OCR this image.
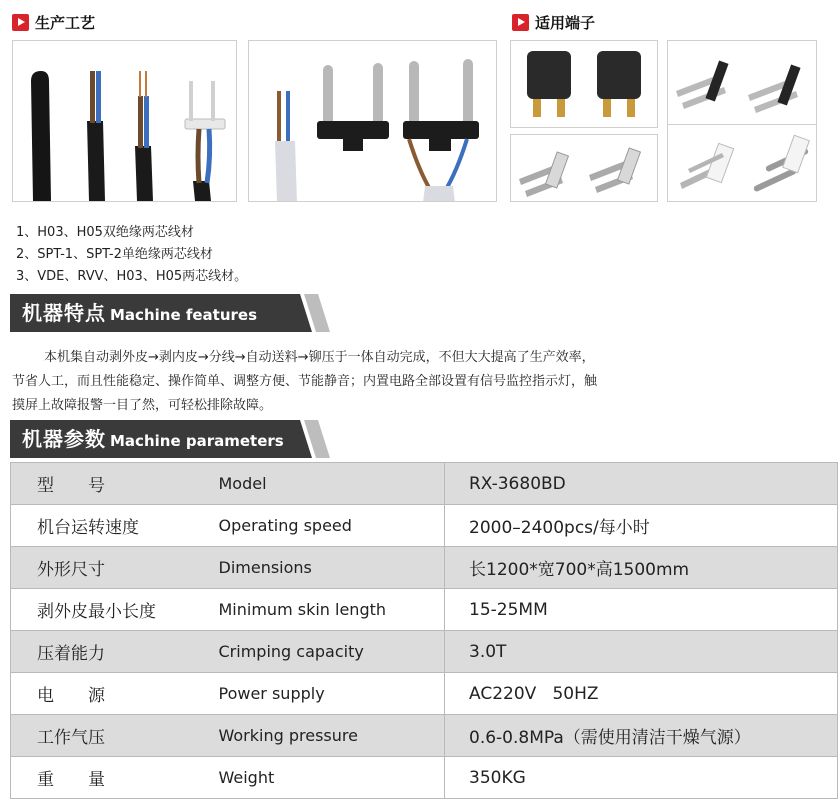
生产工艺	适用端子
1、H03、H05双绝缘两芯线材
2、SPT-1、SPT-2单绝缘两芯线材
3、VDE、RVV、H03、H05两芯线材。
机器特点 Machine features
本机集自动剥外皮→剥内皮→分线→自动送料→铆压于一体自动完成，不但大大提高了生产效率，
节省人工，而且性能稳定、操作简单、调整方便、节能静音；内置电路全部设置有信号监控指示灯，触
摸屏上故障报警一目了然，可轻松排除故障。
机器参数 Machine parameters
型　　号	Model	RX-3680BD
机台运转速度	Operating speed	2000–2400pcs/每小时
外形尺寸	Dimensions	长1200*宽700*高1500mm
剥外皮最小长度	Minimum skin length	15-25MM
压着能力	Crimping capacity	3.0T
电　　源	Power supply	AC220V   50HZ
工作气压	Working pressure	0.6-0.8MPa（需使用清洁干燥气源）
重　　量	Weight	350KG
